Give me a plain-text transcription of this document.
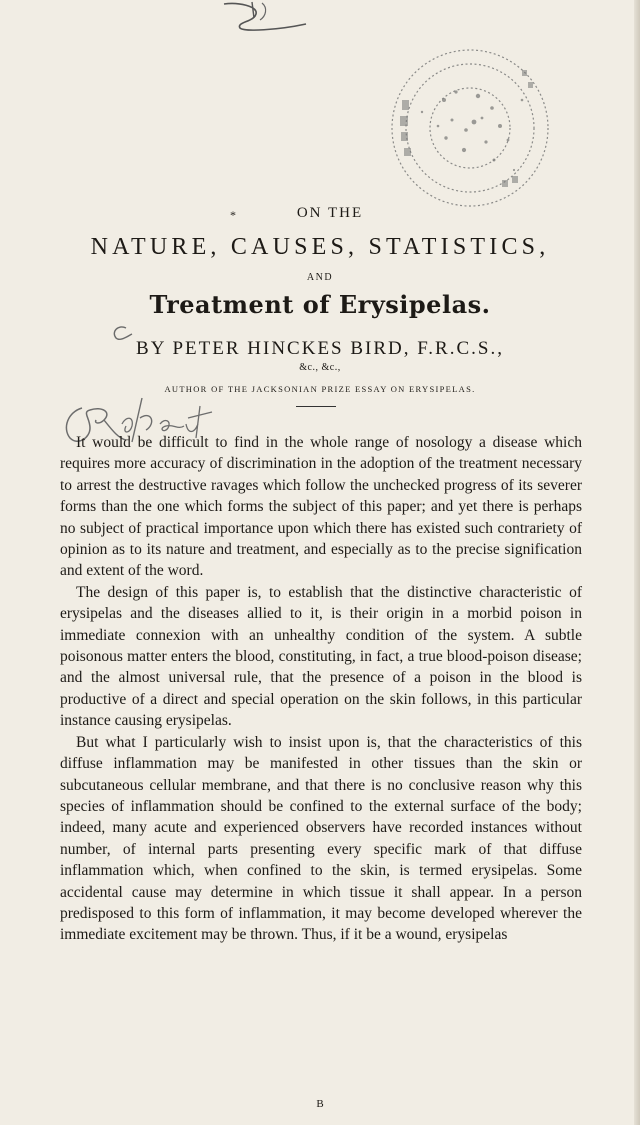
ON THE
*
NATURE, CAUSES, STATISTICS,
AND
Treatment of Erysipelas.
BY PETER HINCKES BIRD, F.R.C.S.,
&c., &c.,
AUTHOR OF THE JACKSONIAN PRIZE ESSAY ON ERYSIPELAS.

It would be difficult to find in the whole range of nosology a disease which requires more accuracy of discrimination in the adoption of the treatment necessary to arrest the destructive ravages which follow the unchecked progress of its severer forms than the one which forms the subject of this paper; and yet there is perhaps no subject of practical importance upon which there has existed such contrariety of opinion as to its nature and treatment, and especially as to the precise signification and extent of the word.

The design of this paper is, to establish that the distinctive characteristic of erysipelas and the diseases allied to it, is their origin in a morbid poison in immediate connexion with an unhealthy condition of the system. A subtle poisonous matter enters the blood, constituting, in fact, a true blood-poison disease; and the almost universal rule, that the presence of a poison in the blood is productive of a direct and special operation on the skin follows, in this particular instance causing erysipelas.

But what I particularly wish to insist upon is, that the characteristics of this diffuse inflammation may be manifested in other tissues than the skin or subcutaneous cellular membrane, and that there is no conclusive reason why this species of inflammation should be confined to the external surface of the body; indeed, many acute and experienced observers have recorded instances without number, of internal parts presenting every specific mark of that diffuse inflammation which, when confined to the skin, is termed erysipelas. Some accidental cause may determine in which tissue it shall appear. In a person predisposed to this form of inflammation, it may become developed wherever the immediate excitement may be thrown. Thus, if it be a wound, erysipelas

B
